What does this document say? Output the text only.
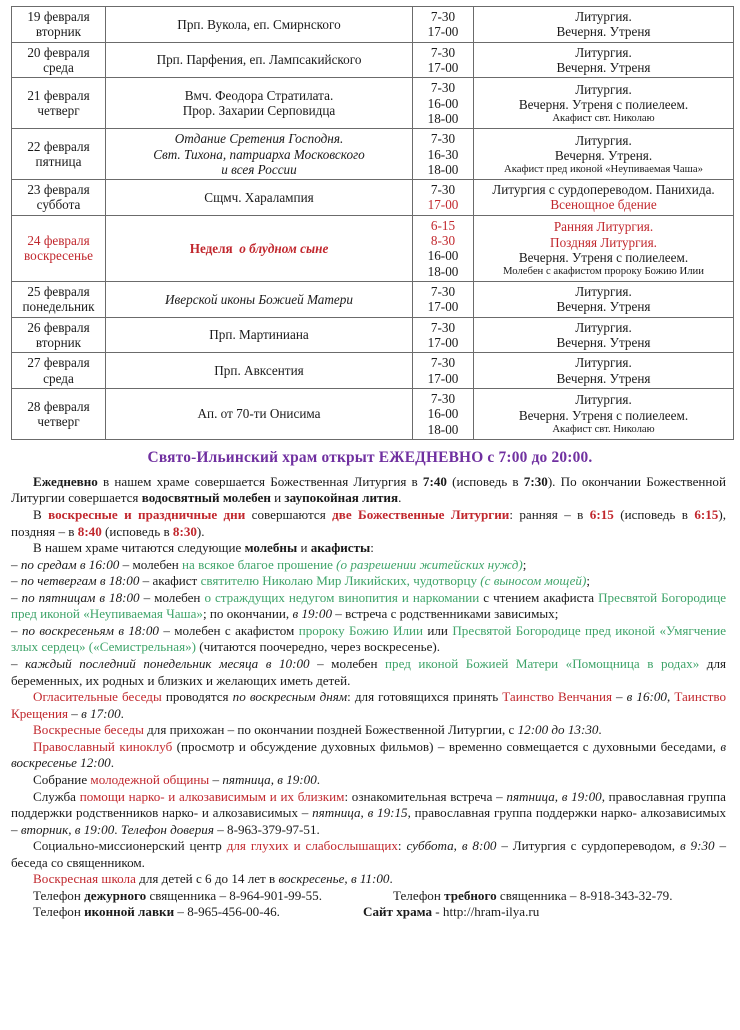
19 февраля
вторник	Прп. Вукола, еп. Смирнского	7-30
17-00	Литургия.
Вечерня. Утреня

20 февраля
среда	Прп. Парфения, еп. Лампсакийского	7-30
17-00	Литургия.
Вечерня. Утреня

21 февраля
четверг	Вмч. Феодора Стратилата.
Прор. Захарии Серповидца	7-30
16-00
18-00	Литургия.
Вечерня. Утреня с полиелеем.
Акафист свт. Николаю

22 февраля
пятница	Отдание Сретения Господня.
Свт. Тихона, патриарха Московского
и всея России	7-30
16-30
18-00	Литургия.
Вечерня. Утреня.
Акафист пред иконой «Неупиваемая Чаша»

23 февраля
суббота	Сщмч. Харалампия	7-30
17-00	Литургия с сурдопереводом. Панихида.
Всенощное бдение

24 февраля
воскресенье	Неделя о блудном сыне	6-15
8-30
16-00
18-00	Ранняя Литургия.
Поздняя Литургия.
Вечерня. Утреня с полиелеем.
Молебен с акафистом пророку Божию Илии

25 февраля
понедельник	Иверской иконы Божией Матери	7-30
17-00	Литургия.
Вечерня. Утреня

26 февраля
вторник	Прп. Мартиниана	7-30
17-00	Литургия.
Вечерня. Утреня

27 февраля
среда	Прп. Авксентия	7-30
17-00	Литургия.
Вечерня. Утреня

28 февраля
четверг	Ап. от 70-ти Онисима	7-30
16-00
18-00	Литургия.
Вечерня. Утреня с полиелеем.
Акафист свт. Николаю
Свято-Ильинский храм открыт ЕЖЕДНЕВНО с 7:00 до 20:00.

Ежедневно в нашем храме совершается Божественная Литургия в 7:40 (исповедь в 7:30). По окончании Божественной Литургии совершается водосвятный молебен и заупокойная лития.

В воскресные и праздничные дни совершаются две Божественные Литургии: ранняя – в 6:15 (исповедь в 6:15), поздняя – в 8:40 (исповедь в 8:30).

В нашем храме читаются следующие молебны и акафисты:

– по средам в 16:00 – молебен на всякое благое прошение (о разрешении житейских нужд);

– по четвергам в 18:00 – акафист святителю Николаю Мир Ликийских, чудотворцу (с выносом мощей);

– по пятницам в 18:00 – молебен о страждущих недугом винопития и наркомании с чтением акафиста Пресвятой Богородице пред иконой «Неупиваемая Чаша»; по окончании, в 19:00 – встреча с родственниками зависимых;

– по воскресеньям в 18:00 – молебен с акафистом пророку Божию Илии или Пресвятой Богородице пред иконой «Умягчение злых сердец» («Семистрельная») (читаются поочередно, через воскресенье).

– каждый последний понедельник месяца в 10:00 – молебен пред иконой Божией Матери «Помощница в родах» для беременных, их родных и близких и желающих иметь детей.

Огласительные беседы проводятся по воскресным дням: для готовящихся принять Таинство Венчания – в 16:00, Таинство Крещения – в 17:00.

Воскресные беседы для прихожан – по окончании поздней Божественной Литургии, с 12:00 до 13:30.

Православный киноклуб (просмотр и обсуждение духовных фильмов) – временно совмещается с духовными беседами, в воскресенье 12:00.

Собрание молодежной общины – пятница, в 19:00.

Служба помощи нарко- и алкозависимым и их близким: ознакомительная встреча – пятница, в 19:00, православная группа поддержки родственников нарко- и алкозависимых – пятница, в 19:15, православная группа поддержки нарко- алкозависимых – вторник, в 19:00. Телефон доверия – 8-963-379-97-51.

Социально-миссионерский центр для глухих и слабослышащих: суббота, в 8:00 – Литургия с сурдопереводом, в 9:30 – беседа со священником.

Воскресная школа для детей с 6 до 14 лет в воскресенье, в 11:00.

Телефон дежурного священника – 8-964-901-99-55.	Телефон требного священника – 8-918-343-32-79.

Телефон иконной лавки – 8-965-456-00-46.	Сайт храма - http://hram-ilya.ru
